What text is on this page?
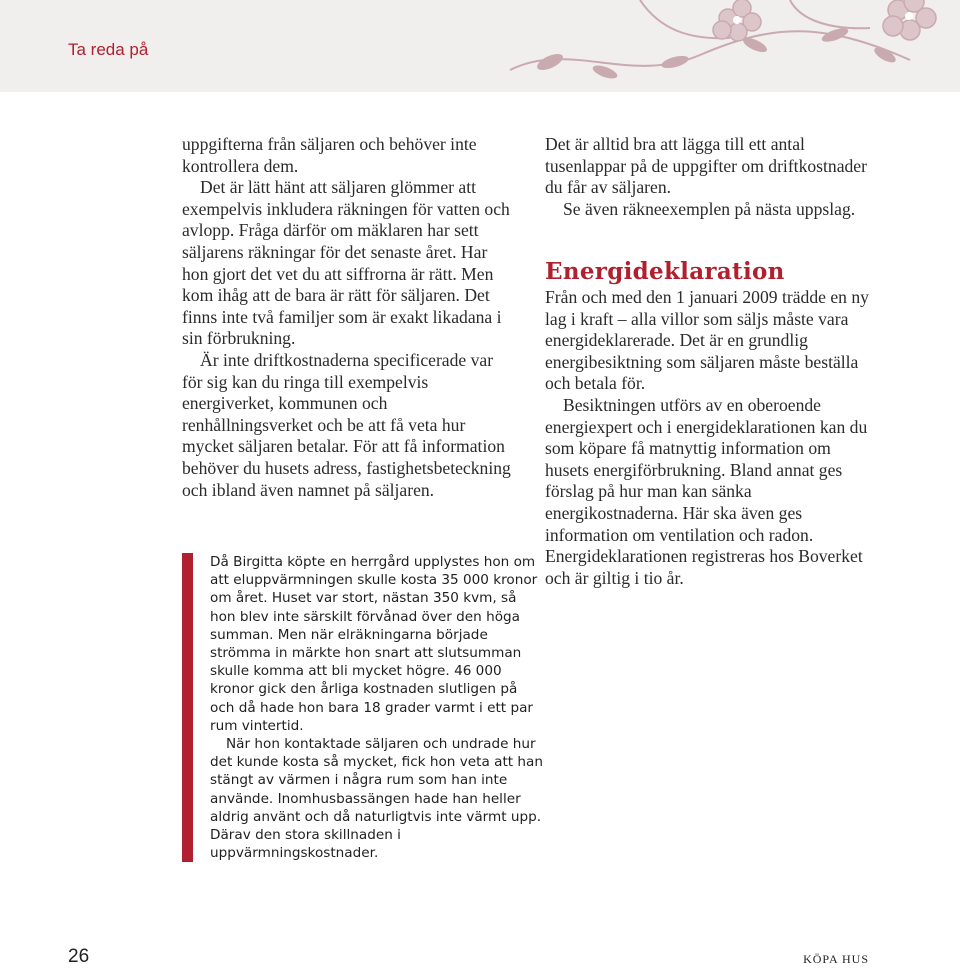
Ta reda på

uppgifterna från säljaren och behöver inte kontrollera dem.

Det är lätt hänt att säljaren glömmer att exempelvis inkludera räkningen för vatten och avlopp. Fråga därför om mäklaren har sett säljarens räkningar för det senaste året. Har hon gjort det vet du att siffrorna är rätt. Men kom ihåg att de bara är rätt för säljaren. Det finns inte två familjer som är exakt likadana i sin förbrukning.

Är inte driftkostnaderna specificerade var för sig kan du ringa till exempelvis energiverket, kommunen och renhållningsverket och be att få veta hur mycket säljaren betalar. För att få information behöver du husets adress, fastighetsbeteckning och ibland även namnet på säljaren.

Då Birgitta köpte en herrgård upplystes hon om att eluppvärmningen skulle kosta 35 000 kronor om året. Huset var stort, nästan 350 kvm, så hon blev inte särskilt förvånad över den höga summan. Men när elräkningarna började strömma in märkte hon snart att slutsumman skulle komma att bli mycket högre. 46 000 kronor gick den årliga kostnaden slutligen på och då hade hon bara 18 grader varmt i ett par rum vintertid.

När hon kontaktade säljaren och undrade hur det kunde kosta så mycket, fick hon veta att han stängt av värmen i några rum som han inte använde. Inomhusbassängen hade han heller aldrig använt och då naturligtvis inte värmt upp. Därav den stora skillnaden i uppvärmningskostnader.

Det är alltid bra att lägga till ett antal tusenlappar på de uppgifter om driftkostnader du får av säljaren.

Se även räkneexemplen på nästa uppslag.

Energideklaration

Från och med den 1 januari 2009 trädde en ny lag i kraft – alla villor som säljs måste vara energideklarerade. Det är en grundlig energibesiktning som säljaren måste beställa och betala för.

Besiktningen utförs av en oberoende energiexpert och i energideklarationen kan du som köpare få matnyttig information om husets energiförbrukning. Bland annat ges förslag på hur man kan sänka energikostnaderna. Här ska även ges information om ventilation och radon. Energideklarationen registreras hos Boverket och är giltig i tio år.

26	KÖPA HUS
